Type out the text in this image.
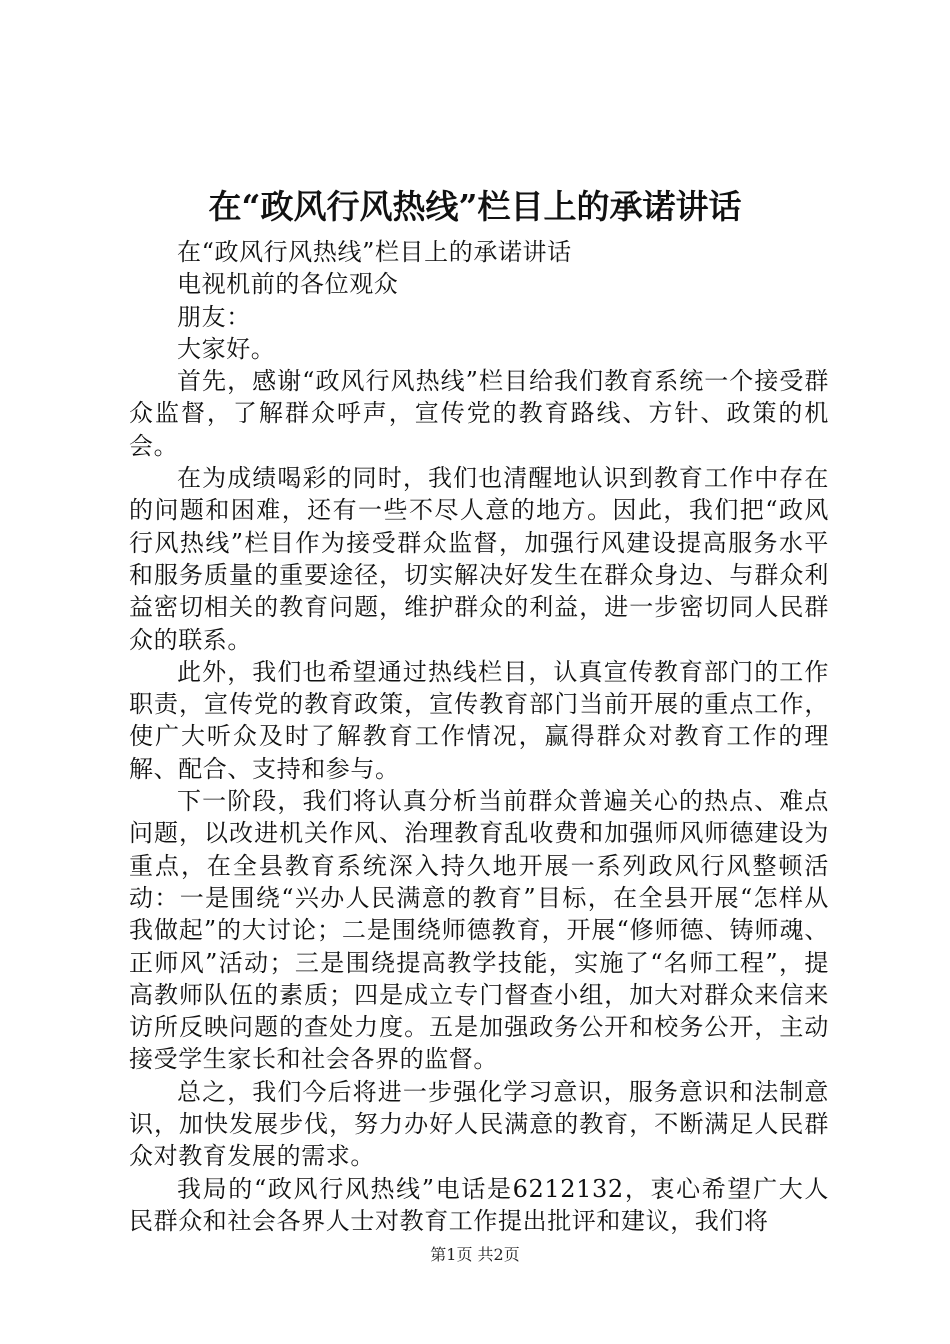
在“政风行风热线”栏目上的承诺讲话

在“政风行风热线”栏目上的承诺讲话

电视机前的各位观众

朋友：

大家好。

首先，感谢“政风行风热线”栏目给我们教育系统一个接受群众监督，了解群众呼声，宣传党的教育路线、方针、政策的机会。

在为成绩喝彩的同时，我们也清醒地认识到教育工作中存在的问题和困难，还有一些不尽人意的地方。因此，我们把“政风行风热线”栏目作为接受群众监督，加强行风建设提高服务水平和服务质量的重要途径，切实解决好发生在群众身边、与群众利益密切相关的教育问题，维护群众的利益，进一步密切同人民群众的联系。

此外，我们也希望通过热线栏目，认真宣传教育部门的工作职责，宣传党的教育政策，宣传教育部门当前开展的重点工作，使广大听众及时了解教育工作情况，赢得群众对教育工作的理解、配合、支持和参与。

下一阶段，我们将认真分析当前群众普遍关心的热点、难点问题，以改进机关作风、治理教育乱收费和加强师风师德建设为重点，在全县教育系统深入持久地开展一系列政风行风整顿活动：一是围绕“兴办人民满意的教育”目标，在全县开展“怎样从我做起”的大讨论；二是围绕师德教育，开展“修师德、铸师魂、正师风”活动；三是围绕提高教学技能，实施了“名师工程”，提高教师队伍的素质；四是成立专门督查小组，加大对群众来信来访所反映问题的查处力度。五是加强政务公开和校务公开，主动接受学生家长和社会各界的监督。

总之，我们今后将进一步强化学习意识，服务意识和法制意识，加快发展步伐，努力办好人民满意的教育，不断满足人民群众对教育发展的需求。

我局的“政风行风热线”电话是6212132，衷心希望广大人民群众和社会各界人士对教育工作提出批评和建议，我们将

第1页 共2页
